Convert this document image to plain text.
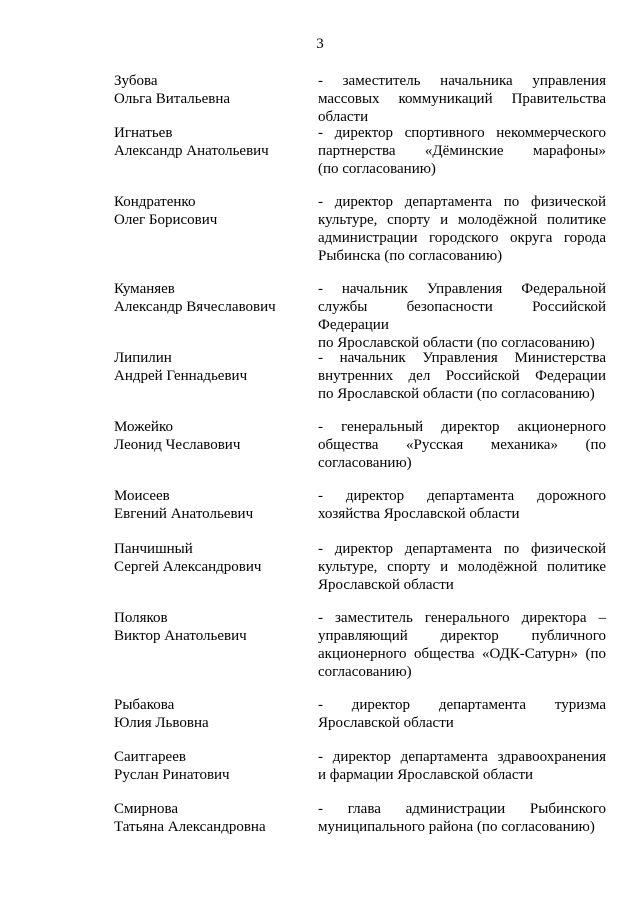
3
Зубова
Ольга Витальевна
- заместитель начальника управления
массовых коммуникаций Правительства
области
Игнатьев
Александр Анатольевич
- директор спортивного некоммерческого
партнерства «Дёминские марафоны»
(по согласованию)
Кондратенко
Олег Борисович
- директор департамента по физической
культуре, спорту и молодёжной политике
администрации городского округа города
Рыбинска (по согласованию)
Куманяев
Александр Вячеславович
- начальник Управления Федеральной
службы безопасности Российской Федерации
по Ярославской области (по согласованию)
Липилин
Андрей Геннадьевич
- начальник Управления Министерства
внутренних дел Российской Федерации
по Ярославской области (по согласованию)
Можейко
Леонид Чеславович
- генеральный директор акционерного
общества «Русская механика» (по
согласованию)
Моисеев
Евгений Анатольевич
- директор департамента дорожного
хозяйства Ярославской области
Панчишный
Сергей Александрович
- директор департамента по физической
культуре, спорту и молодёжной политике
Ярославской области
Поляков
Виктор Анатольевич
- заместитель генерального директора –
управляющий директор публичного
акционерного общества «ОДК-Сатурн» (по
согласованию)
Рыбакова
Юлия Львовна
- директор департамента туризма
Ярославской области
Саитгареев
Руслан Ринатович
- директор департамента здравоохранения
и фармации Ярославской области
Смирнова
Татьяна Александровна
- глава администрации Рыбинского
муниципального района (по согласованию)
